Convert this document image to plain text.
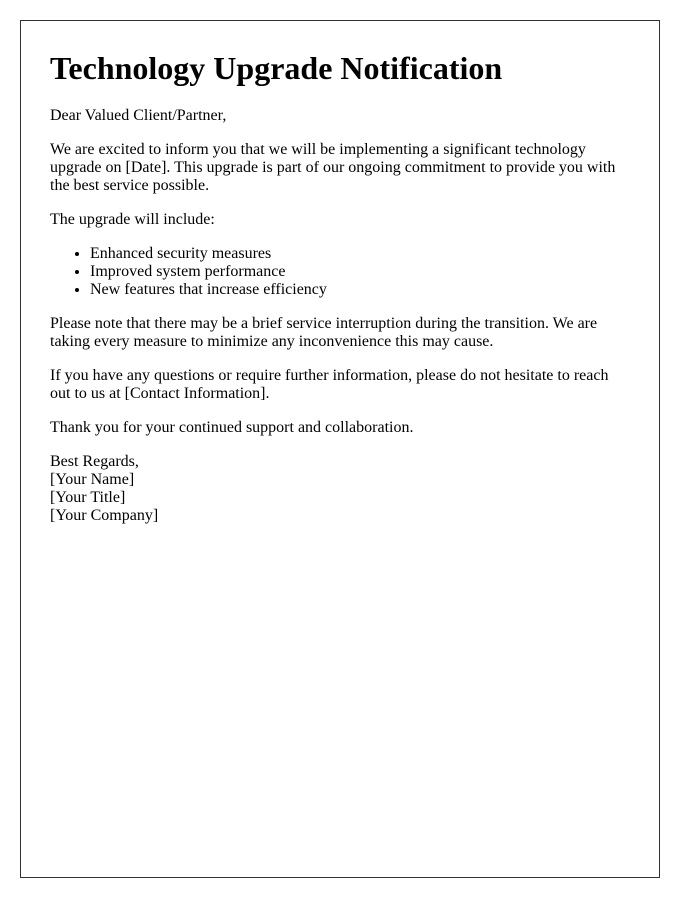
Technology Upgrade Notification

Dear Valued Client/Partner,

We are excited to inform you that we will be implementing a significant technology upgrade on [Date]. This upgrade is part of our ongoing commitment to provide you with the best service possible.

The upgrade will include:

• Enhanced security measures
• Improved system performance
• New features that increase efficiency

Please note that there may be a brief service interruption during the transition. We are taking every measure to minimize any inconvenience this may cause.

If you have any questions or require further information, please do not hesitate to reach out to us at [Contact Information].

Thank you for your continued support and collaboration.

Best Regards,
[Your Name]
[Your Title]
[Your Company]
